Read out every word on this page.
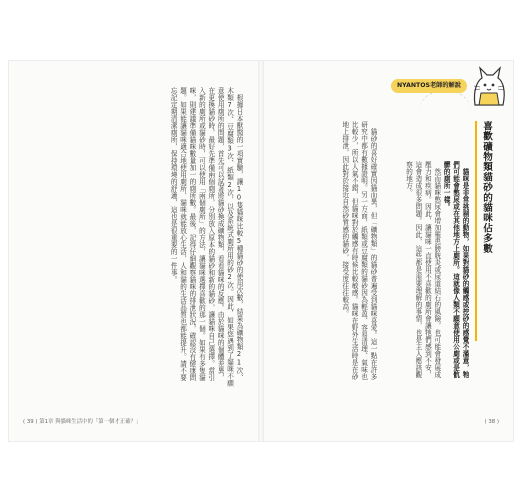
根據日本獸醫的一項實驗，讓10隻貓咪比較5種貓砂的使用次數，結果為礦物類21次、木類7次、豆腐類3次、紙類2次，以及系統式廁所用的砂2次。因此，如果您遇到了貓咪不願意使用廁所的問題，首先可以試著將貓砂換成礦物類，看看貓咪的反應。由於貓咪的個體差異，在更換貓砂時，最好先準備兩個廁所，分別放入原本的貓砂和新的貓砂，讓貓咪自己選擇。當引入新的廁所或貓砂時，可以使用「兩個廁所」的方法，讓貓咪選擇喜歡的那一個。如果有多隻貓咪，則建議準備貓咪數量加一的廁所數。最後，記得仔細觀察貓咪的排泄狀況，確認沒有健康問題。如果能讓貓咪適合地使用廁所，貓咪就能放心生活，人和貓的生活品質也都能提升。請不要忘記定期清潔廁所，保持環境的舒適，這也是很重要的一件事。

( 39 ) 第1章 與貓咪生活中的「第一個才正確？」
NYANTOS老師的解說
喜歡礦物類貓砂的貓咪佔多數

貓咪是非常挑剔的動物，如果對貓砂的觸感或挖砂的感覺不滿意，牠們可能會憋尿或在其他地方上廁所。這就像人類不願意使用公廁或是骯髒的廁所一樣。

然而貓咪憋尿會增加罹患膀胱炎或尿道結石的風險，也可能會發展成壓力和疾病。因此，讓貓咪一直使用不喜歡的廁所會讓牠們感到不安，這會造成很多問題。因此，這些都是需要理解的事情，也是主人應該觀察的地方。

貓砂的喜好確實因貓而異，但「礦物類」的貓砂普遍受到貓咪喜愛。這一點在許多研究中都有數據證明。另一方面，紙類或豆腐類的貓砂因為輕盈、容易清理、氣味也比較少，所以人氣不錯，但貓咪對於觸感有時候比較敏感。貓咪在野外生活時是在砂地上排泄，因此對於接近自然砂質感的貓砂，接受度往往較高。

( 38 )
